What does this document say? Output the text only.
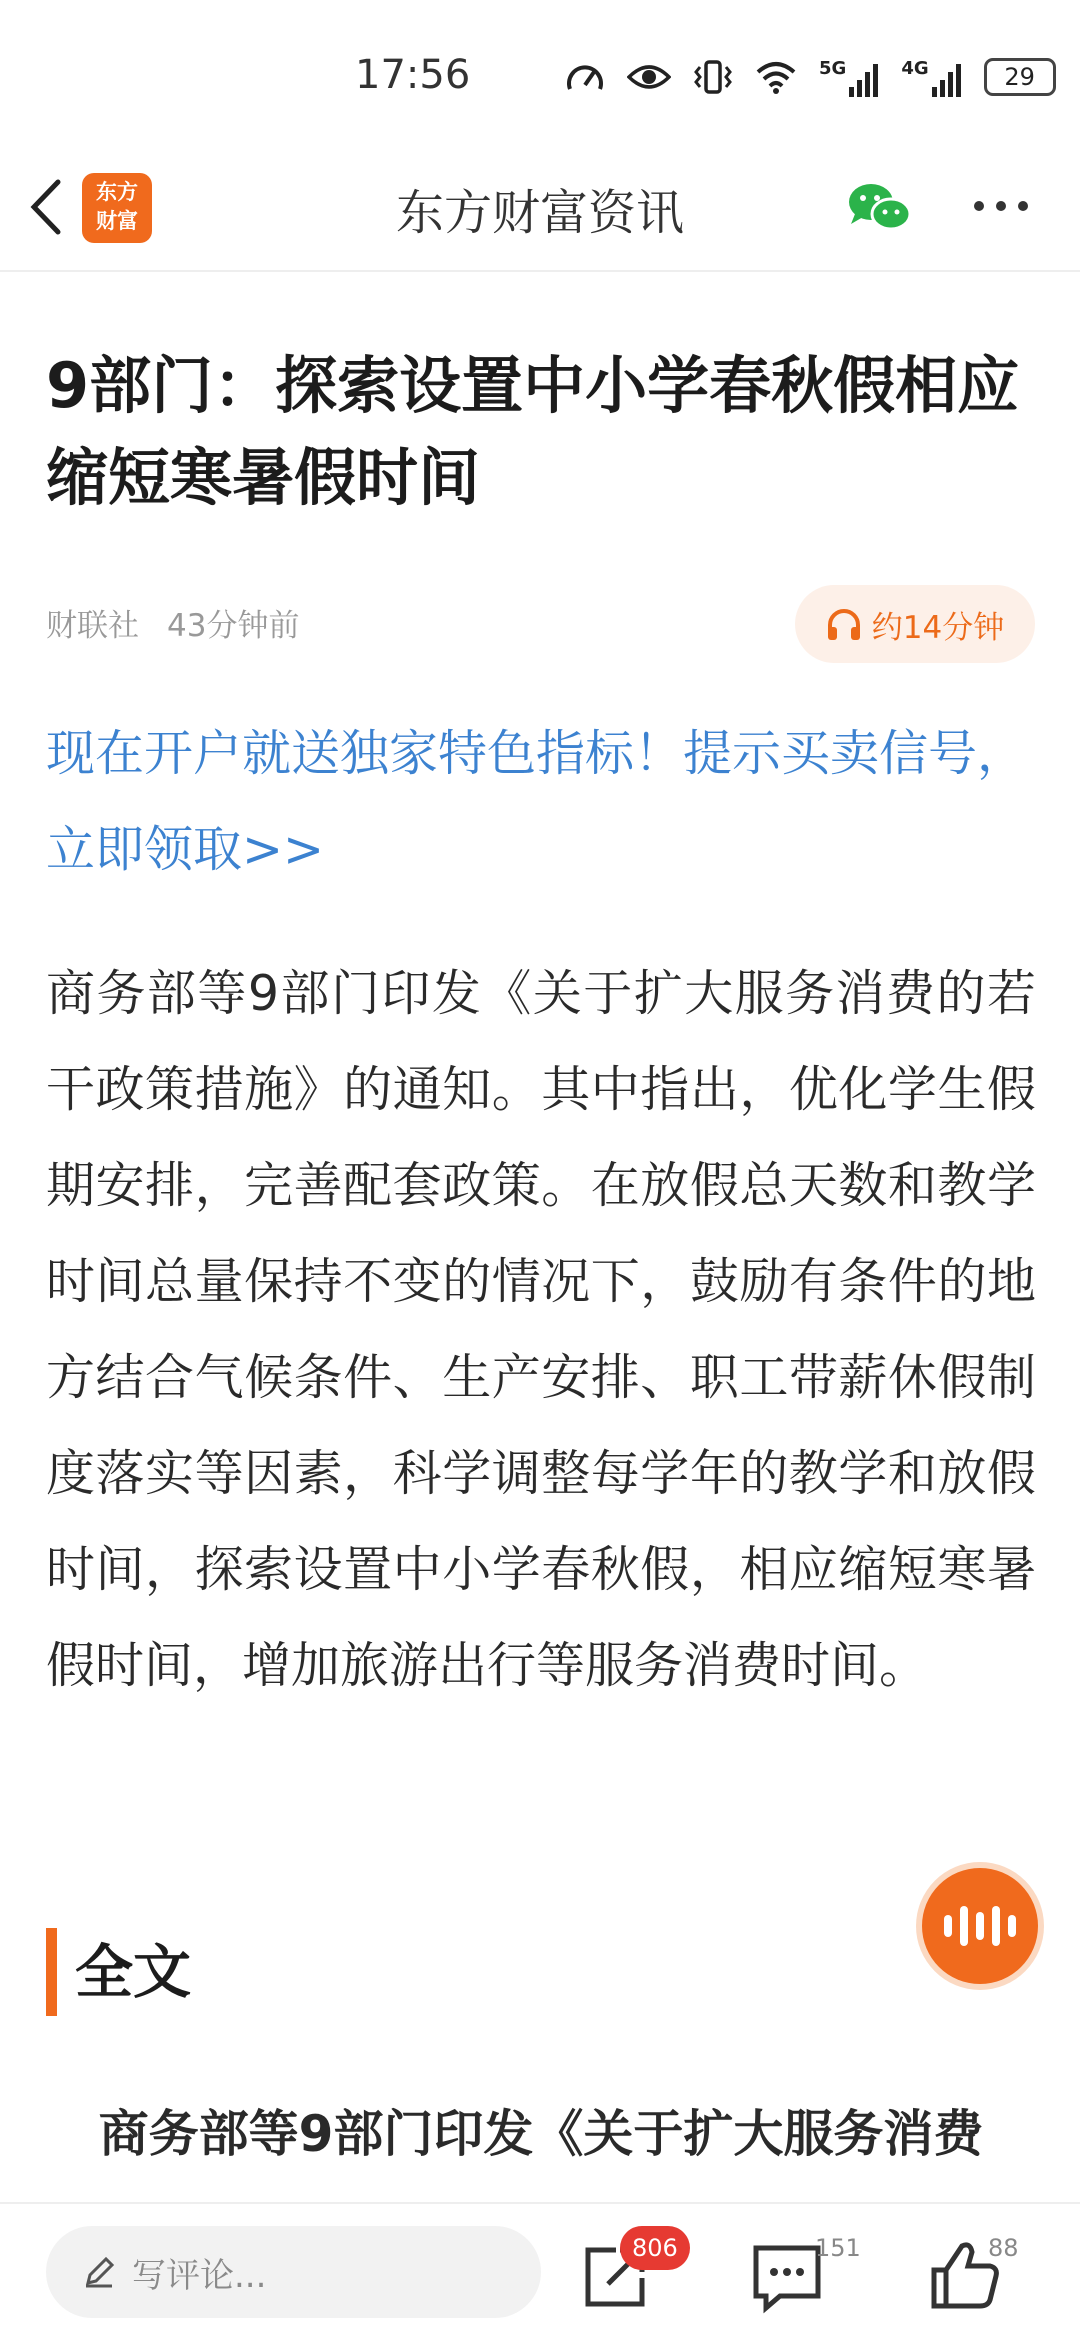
17:56	5G	4G	29
东方
财富	东方财富资讯
9部门：探索设置中小学春秋假相应缩短寒暑假时间
财联社 43分钟前	约14分钟
现在开户就送独家特色指标！提示买卖信号，立即领取>>
商务部等9部门印发《关于扩大服务消费的若干政策措施》的通知。其中指出，优化学生假期安排，完善配套政策。在放假总天数和教学时间总量保持不变的情况下，鼓励有条件的地方结合气候条件、生产安排、职工带薪休假制度落实等因素，科学调整每学年的教学和放假时间，探索设置中小学春秋假，相应缩短寒暑假时间，增加旅游出行等服务消费时间。
全文
商务部等9部门印发《关于扩大服务消费
写评论...
806	151	88
